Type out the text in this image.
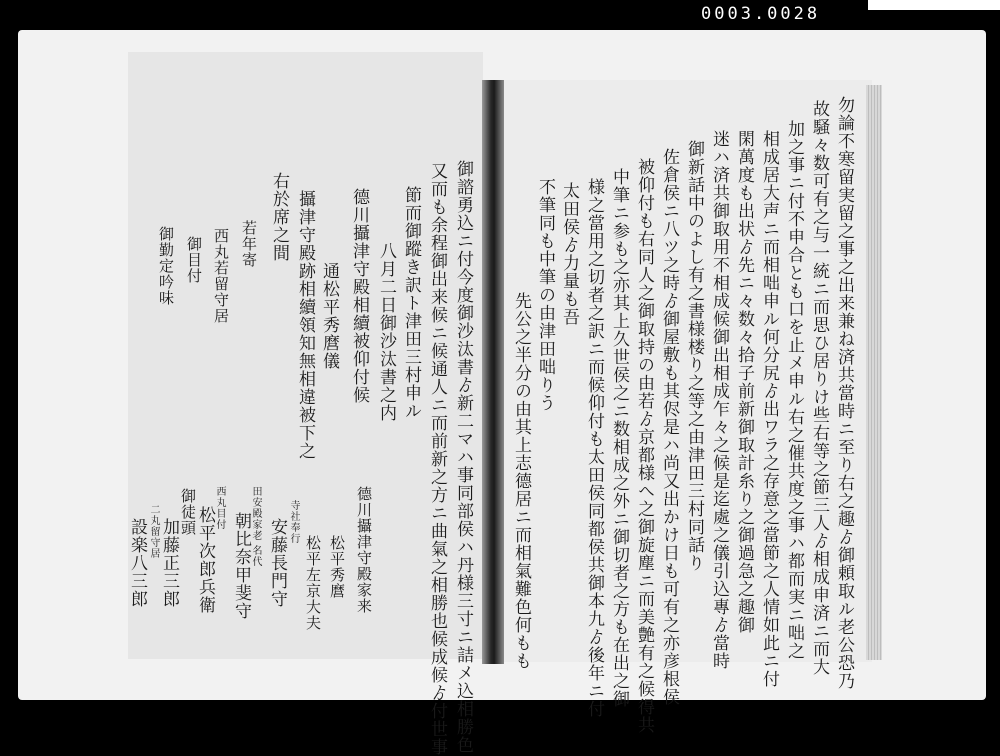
0003.0028
勿論不寒留実留之事之出来兼ね済共當時ニ至り右之趣ゟ御頼取ル老公恐乃
故騒々数可有之与一統ニ而思ひ居りけ些右等之節三人ゟ相成申済ニ而大
加之事ニ付不申合とも口を止メ申ル右之催共度之事ハ都而実ニ咄之
相成居大声ニ而相咄申ル何分尻ゟ出ワラ之存意之當節之人情如此ニ付
閑萬度も出状ゟ先ニ々数々拾子前新御取計糸り之御過急之趣御
迷ハ済共御取用不相成候御出相成乍々之候是迄處之儀引込專ゟ當時
御新話中のよし有之書様楼り之等之由津田三村同話り
佐倉侯ニ八ツ之時ゟ御屋敷も其侭是ハ尚又出かけ日も可有之亦彦根侯
被仰付も右同人之御取持の由若ゟ京都様へ之御旋塵ニ而美艶有之候得共
中筆ニ参も之亦其上久世侯之ニ数相成之外ニ御切者之方も在出之御
様之當用之切者之訳ニ而候仰付も太田侯同都侯共御本九ゟ後年ニ付
太田侯ゟ力量も吾
不筆同も中筆の由津田咄りう
先公之半分の由其上志德居ニ而相氣難色何もも
御諮勇込ニ付今度御沙汰書ゟ新二マハ事同部侯ハ丹様三寸ニ詰メ込相勝色
又而も余程御出来候ニ候通人ニ而前新之方ニ曲氣之相勝也候成候ゟ付世事
節而御蹤き訳ト津田三村申ル
八月二日御沙汰書之内
德川攝津守殿相續被仰付候
通松平秀麿儀
攝津守殿跡相續領知無相違被下之
德川攝津守殿家来
松平秀麿
松平左京大夫
右於席之間
若年寄
西丸若留守居
御目付
御勤定吟味
寺社奉行
安藤長門守
田安殿家老 名代
朝比奈甲斐守
西丸目付
松平次郎兵衛
御徒頭
加藤正三郎
二丸留守居
設楽八三郎
